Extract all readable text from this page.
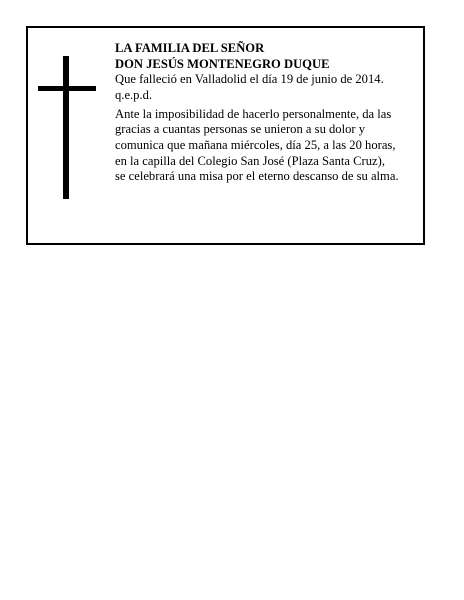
LA FAMILIA DEL SEÑOR
DON JESÚS MONTENEGRO DUQUE
Que falleció en Valladolid el día 19 de junio de 2014.
q.e.p.d.
Ante la imposibilidad de hacerlo personalmente, da las
gracias a cuantas personas se unieron a su dolor y
comunica que mañana miércoles, día 25, a las 20 horas,
en la capilla del Colegio San José (Plaza Santa Cruz),
se celebrará una misa por el eterno descanso de su alma.
